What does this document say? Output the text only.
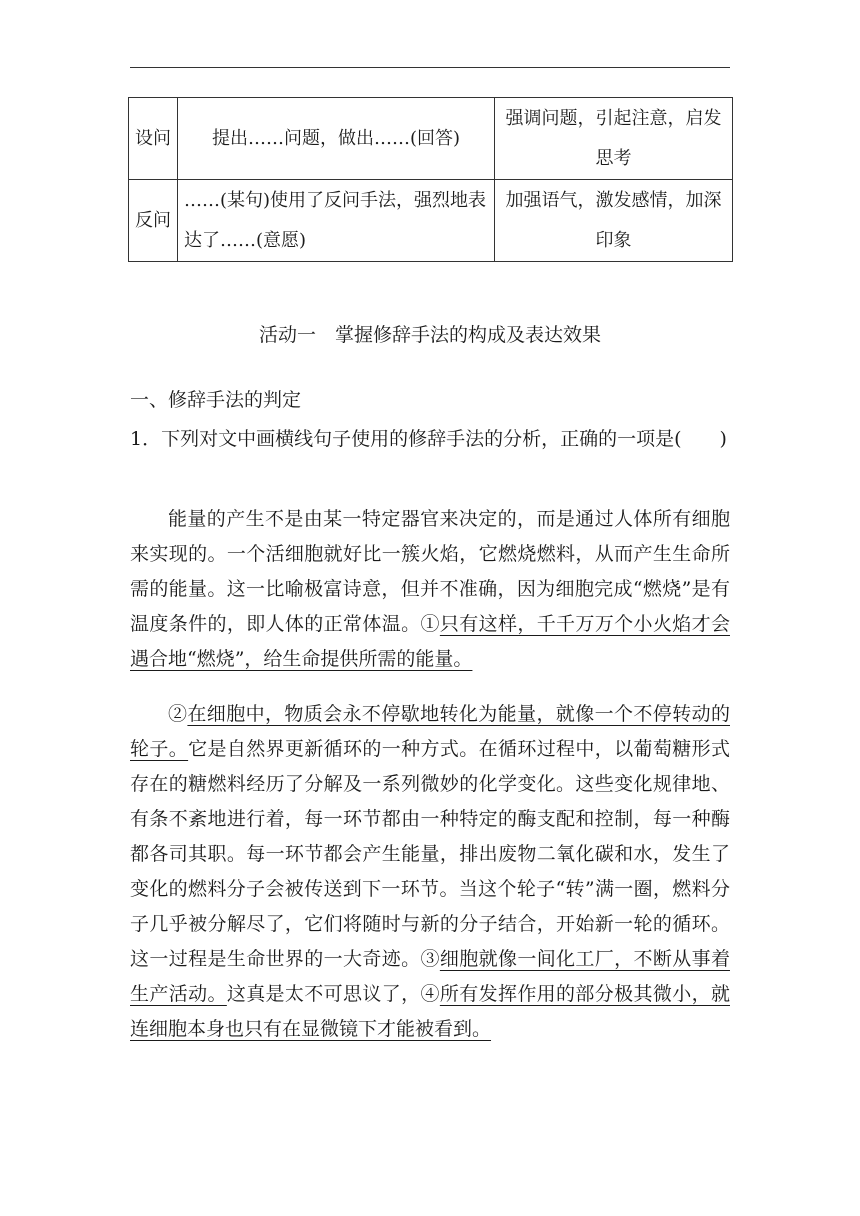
设问	提出……问题，做出……(回答)	强调问题，引起注意，启发思考
反问	……(某句)使用了反问手法，强烈地表达了……(意愿)	加强语气，激发感情，加深印象
活动一　掌握修辞手法的构成及表达效果
一、修辞手法的判定
1．下列对文中画横线句子使用的修辞手法的分析，正确的一项是(　　)
能量的产生不是由某一特定器官来决定的，而是通过人体所有细胞来实现的。一个活细胞就好比一簇火焰，它燃烧燃料，从而产生生命所需的能量。这一比喻极富诗意，但并不准确，因为细胞完成“燃烧”是有温度条件的，即人体的正常体温。①只有这样，千千万万个小火焰才会遇合地“燃烧”，给生命提供所需的能量。
②在细胞中，物质会永不停歇地转化为能量，就像一个不停转动的轮子。它是自然界更新循环的一种方式。在循环过程中，以葡萄糖形式存在的糖燃料经历了分解及一系列微妙的化学变化。这些变化规律地、有条不紊地进行着，每一环节都由一种特定的酶支配和控制，每一种酶都各司其职。每一环节都会产生能量，排出废物二氧化碳和水，发生了变化的燃料分子会被传送到下一环节。当这个轮子“转”满一圈，燃料分子几乎被分解尽了，它们将随时与新的分子结合，开始新一轮的循环。这一过程是生命世界的一大奇迹。③细胞就像一间化工厂，不断从事着生产活动。这真是太不可思议了，④所有发挥作用的部分极其微小，就连细胞本身也只有在显微镜下才能被看到。
